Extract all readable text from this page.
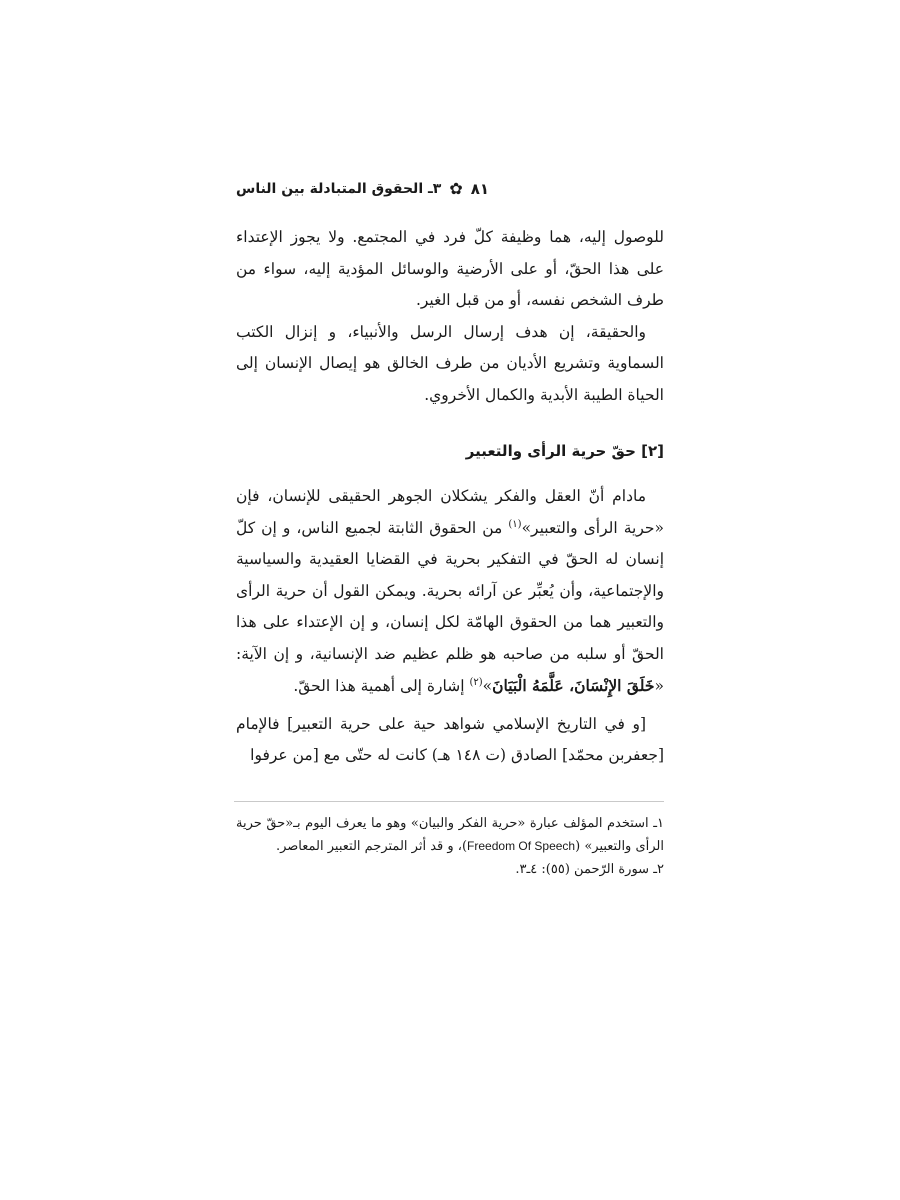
٣ـ الحقوق المتبادلة بين الناس ✿ ٨١

للوصول إليه، هما وظيفة كلّ فرد في المجتمع. ولا يجوز الإعتداء على هذا الحقّ، أو على الأرضية والوسائل المؤدية إليه، سواء من طرف الشخص نفسه، أو من قبل الغير.

والحقيقة، إن هدف إرسال الرسل والأنبياء، و إنزال الكتب السماوية وتشريع الأديان من طرف الخالق هو إيصال الإنسان إلى الحياة الطيبة الأبدية والكمال الأخروي.

[٢] حقّ حرية الرأى والتعبير

مادام أنّ العقل والفكر يشكلان الجوهر الحقيقى للإنسان، فإن «حرية الرأى والتعبير»$^{(١)}$ من الحقوق الثابتة لجميع الناس، و إن كلّ إنسان له الحقّ في التفكير بحرية في القضايا العقيدية والسياسية والإجتماعية، وأن يُعبِّر عن آرائه بحرية. ويمكن القول أن حرية الرأى والتعبير هما من الحقوق الهامّة لكل إنسان، و إن الإعتداء على هذا الحقّ أو سلبه من صاحبه هو ظلم عظيم ضد الإنسانية، و إن الآية: «خَلَقَ الإِنْسَانَ، عَلَّمَهُ الْبَيَانَ»$^{(٢)}$ إشارة إلى أهمية هذا الحقّ.

[و في التاريخ الإسلامي شواهد حية على حرية التعبير] فالإمام [جعفربن محمّد] الصادق (ت ١٤٨ هـ) كانت له حتّى مع [من عرفوا

١ـ استخدم المؤلف عبارة «حرية الفكر والبيان» وهو ما يعرف اليوم بـ«حقّ حرية الرأى والتعبير» (Freedom Of Speech)، و قد أثر المترجم التعبير المعاصر.

٢ـ سورة الرّحمن (٥٥): ٤ـ٣.
